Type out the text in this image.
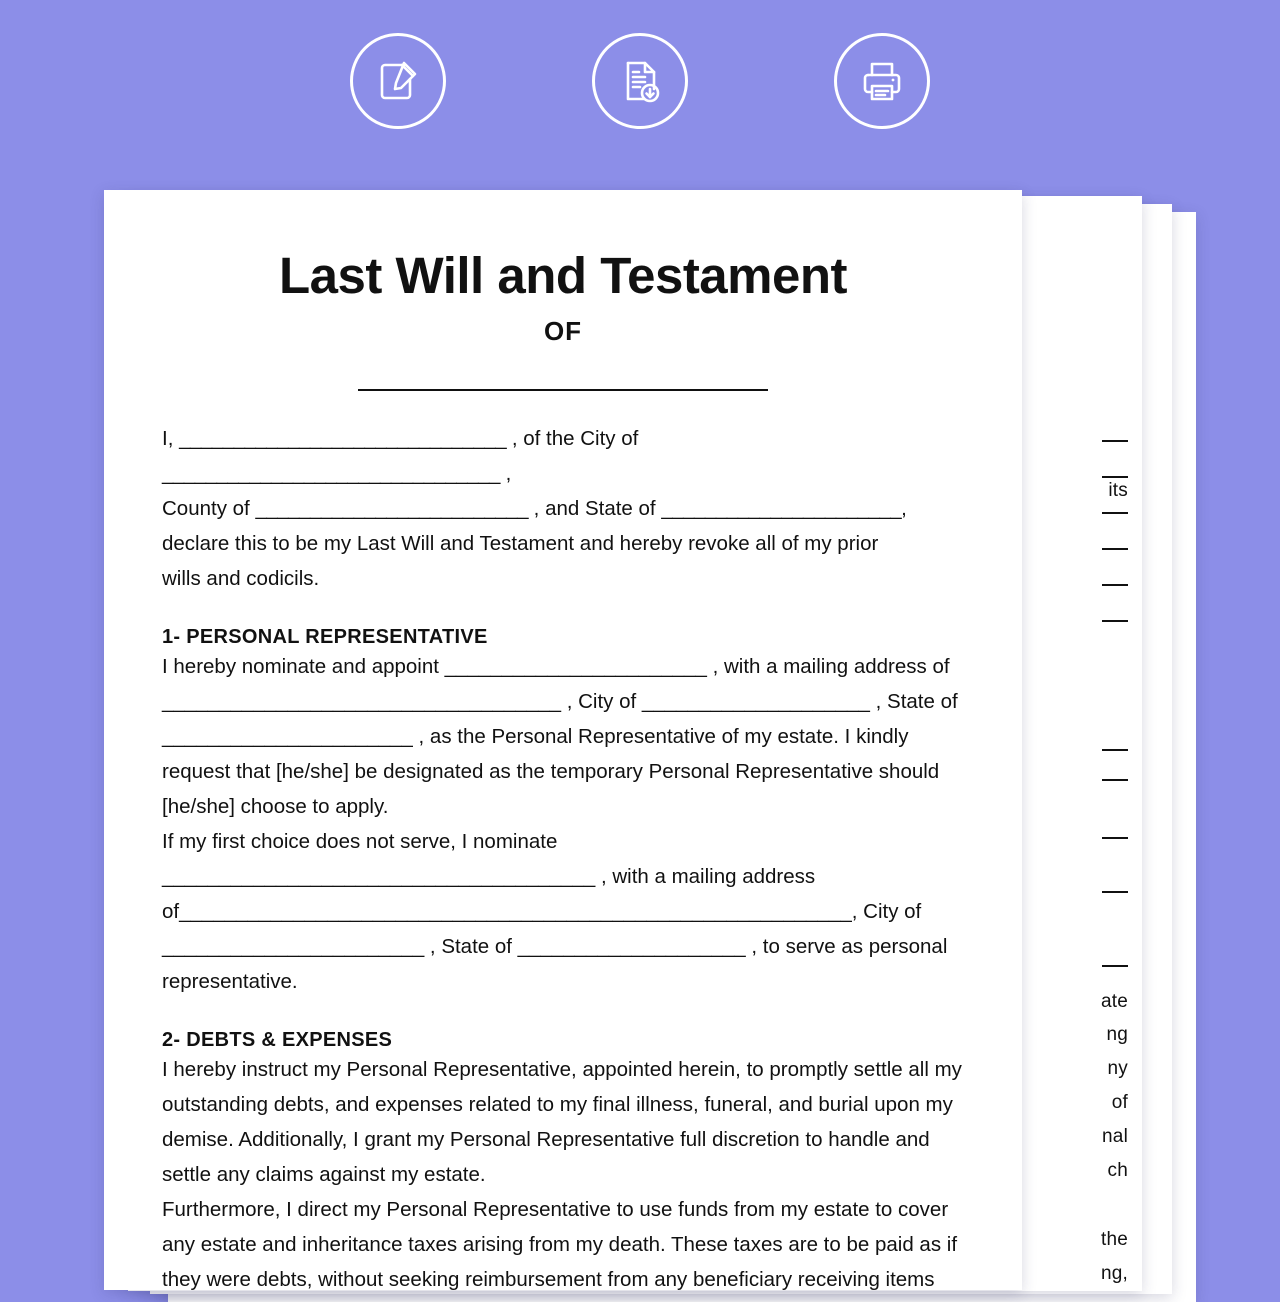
its
ate
ng
ny
of
nal
ch
the
ng,
Last Will and Testament
OF

I, ______________________________ , of the City of _______________________________ ,

County of _________________________ , and State of ______________________,

declare this to be my Last Will and Testament and hereby revoke all of my prior

wills and codicils.

1- PERSONAL REPRESENTATIVE

I hereby nominate and appoint _______________________ , with a mailing address of ___________________________________ , City of ____________________ , State of ______________________ , as the Personal Representative of my estate. I kindly request that [he/she] be designated as the temporary Personal Representative should [he/she] choose to apply.

If my first choice does not serve, I nominate ______________________________________ , with a mailing address of___________________________________________________________, City of _______________________ , State of ____________________ , to serve as personal representative.

2- DEBTS & EXPENSES

I hereby instruct my Personal Representative, appointed herein, to promptly settle all my outstanding debts, and expenses related to my final illness, funeral, and burial upon my demise. Additionally, I grant my Personal Representative full discretion to handle and settle any claims against my estate.

Furthermore, I direct my Personal Representative to use funds from my estate to cover any estate and inheritance taxes arising from my death. These taxes are to be paid as if they were debts, without seeking reimbursement from any beneficiary receiving items
